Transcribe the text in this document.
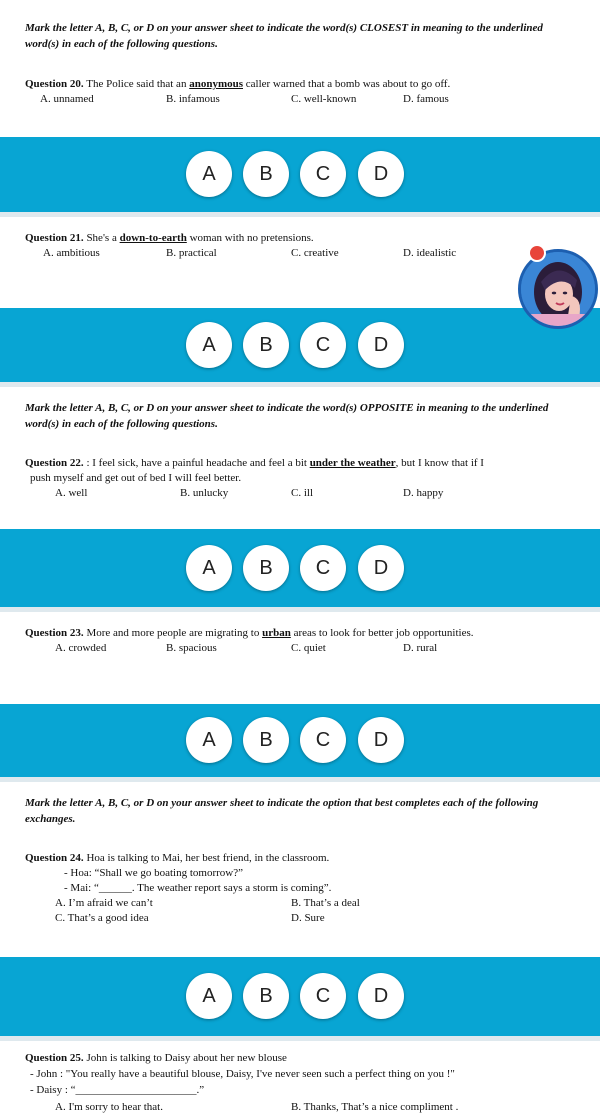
Mark the letter A, B, C, or D on your answer sheet to indicate the word(s) CLOSEST in meaning to the underlined word(s) in each of the following questions.
Question 20. The Police said that an anonymous caller warned that a bomb was about to go off.
A. unnamed	B. infamous	C. well-known	D. famous
A	B	C	D
Question 21. She's a down-to-earth woman with no pretensions.
A. ambitious	B. practical	C. creative	D. idealistic
A	B	C	D
Mark the letter A, B, C, or D on your answer sheet to indicate the word(s) OPPOSITE in meaning to the underlined word(s) in each of the following questions.
Question 22. : I feel sick, have a painful headache and feel a bit under the weather, but I know that if I
push myself and get out of bed I will feel better.
A. well	B. unlucky	C. ill	D. happy
A	B	C	D
Question 23. More and more people are migrating to urban areas to look for better job opportunities.
A. crowded	B. spacious	C. quiet	D. rural
A	B	C	D
Mark the letter A, B, C, or D on your answer sheet to indicate the option that best completes each of the following exchanges.
Question 24. Hoa is talking to Mai, her best friend, in the classroom.
- Hoa: “Shall we go boating tomorrow?”
- Mai: “______. The weather report says a storm is coming”.
A. I’m afraid we can’t	B. That’s a deal
C. That’s a good idea	D. Sure
A	B	C	D
Question 25. John is talking to Daisy about her new blouse
- John : "You really have a beautiful blouse, Daisy, I've never seen such a perfect thing on you !"
- Daisy : “______________________.”
A. I'm sorry to hear that.	B. Thanks, That’s a nice compliment .
